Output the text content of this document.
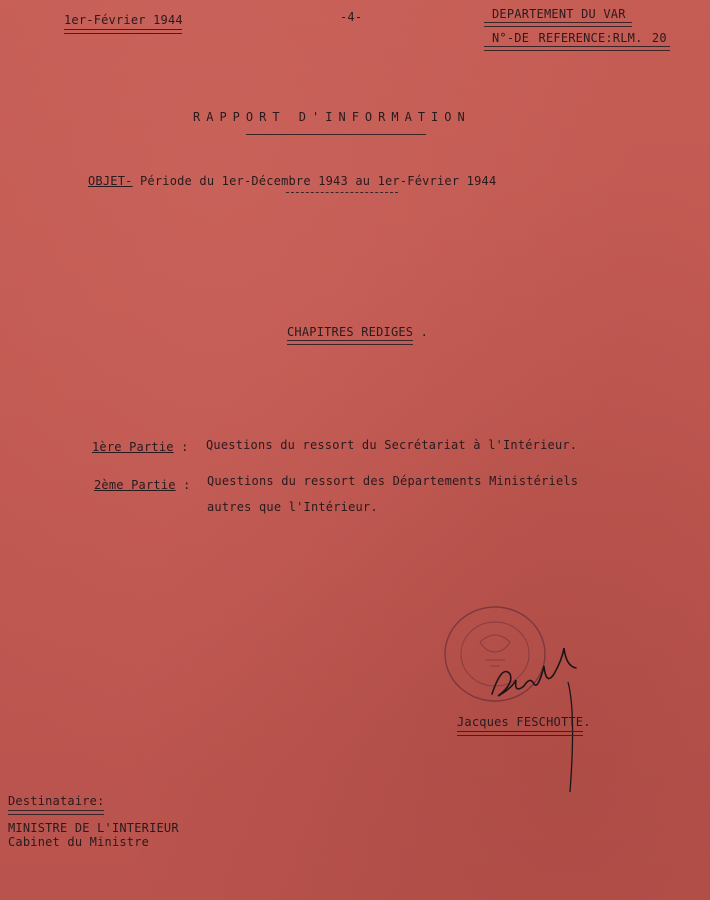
1er-Février 1944	-4-	DEPARTEMENT DU VAR
N°-DE REFERENCE:RLM. 20
RAPPORT D'INFORMATION
OBJET- Période du 1er-Décembre 1943 au 1er-Février 1944
CHAPITRES REDIGES .
1ère Partie : Questions du ressort du Secrétariat à l'Intérieur.
2ème Partie : Questions du ressort des Départements Ministériels
autres que l'Intérieur.
Jacques FESCHOTTE.
Destinataire:
MINISTRE DE L'INTERIEUR
Cabinet du Ministre
